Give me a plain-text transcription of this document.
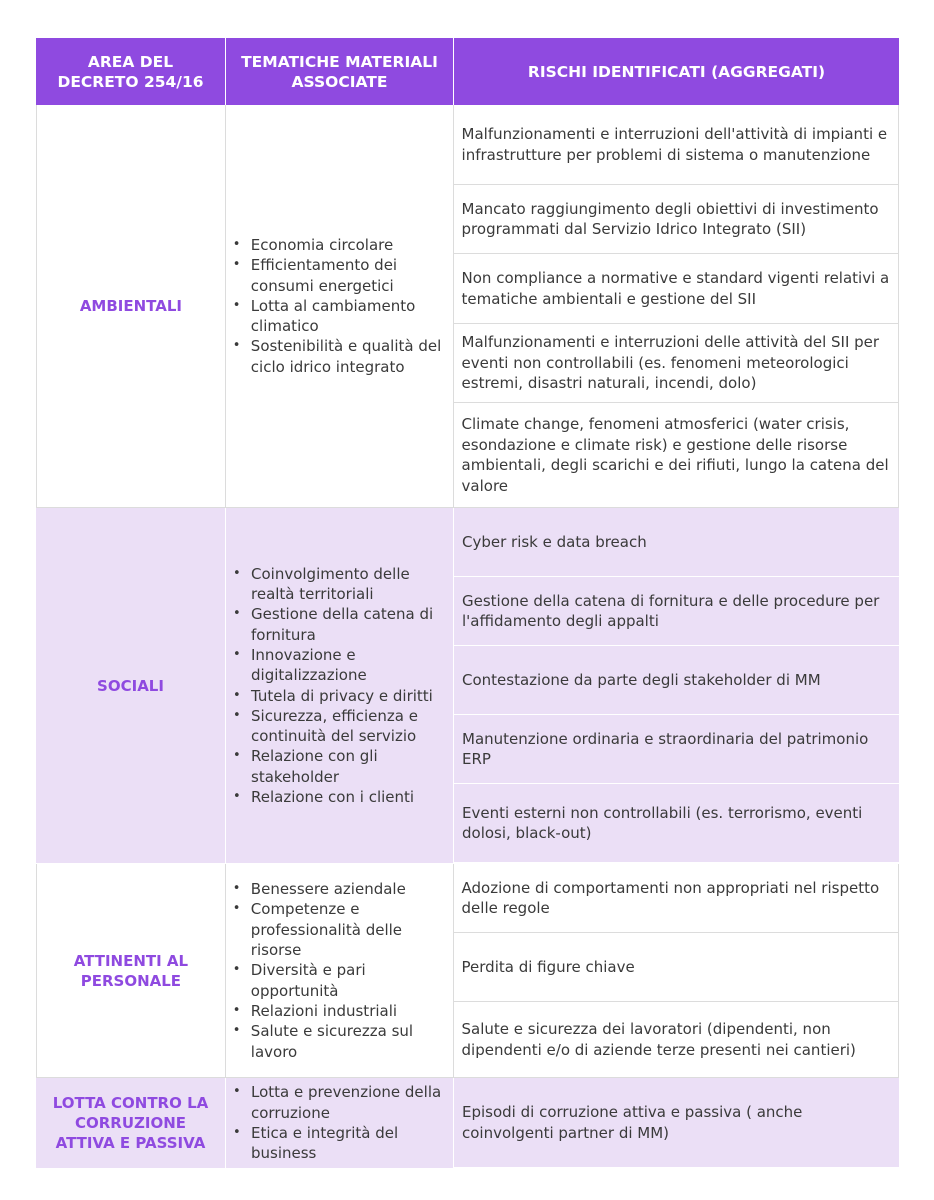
AREA DEL DECRETO 254/16
TEMATICHE MATERIALI ASSOCIATE
RISCHI IDENTIFICATI (AGGREGATI)
AMBIENTALI
• Economia circolare
• Efficientamento dei consumi energetici
• Lotta al cambiamento climatico
• Sostenibilità e qualità del ciclo idrico integrato
Malfunzionamenti e interruzioni dell'attività di impianti e infrastrutture per problemi di sistema o manutenzione
Mancato raggiungimento degli obiettivi di investimento programmati dal Servizio Idrico Integrato (SII)
Non compliance a normative e standard vigenti relativi a tematiche ambientali e gestione del SII
Malfunzionamenti e interruzioni delle attività del SII per eventi non controllabili (es. fenomeni meteorologici estremi, disastri naturali, incendi, dolo)
Climate change, fenomeni atmosferici (water crisis, esondazione e climate risk) e gestione delle risorse ambientali, degli scarichi e dei rifiuti, lungo la catena del valore
SOCIALI
• Coinvolgimento delle realtà territoriali
• Gestione della catena di fornitura
• Innovazione e digitalizzazione
• Tutela di privacy e diritti
• Sicurezza, efficienza e continuità del servizio
• Relazione con gli stakeholder
• Relazione con i clienti
Cyber risk e data breach
Gestione della catena di fornitura e delle procedure per l'affidamento degli appalti
Contestazione da parte degli stakeholder di MM
Manutenzione ordinaria e straordinaria del patrimonio ERP
Eventi esterni non controllabili (es. terrorismo, eventi dolosi, black-out)
ATTINENTI AL PERSONALE
• Benessere aziendale
• Competenze e professionalità delle risorse
• Diversità e pari opportunità
• Relazioni industriali
• Salute e sicurezza sul lavoro
Adozione di comportamenti non appropriati nel rispetto delle regole
Perdita di figure chiave
Salute e sicurezza dei lavoratori (dipendenti, non dipendenti e/o di aziende terze presenti nei cantieri)
LOTTA CONTRO LA CORRUZIONE ATTIVA E PASSIVA
• Lotta e prevenzione della corruzione
• Etica e integrità del business
Episodi di corruzione attiva e passiva ( anche coinvolgenti partner di MM)
